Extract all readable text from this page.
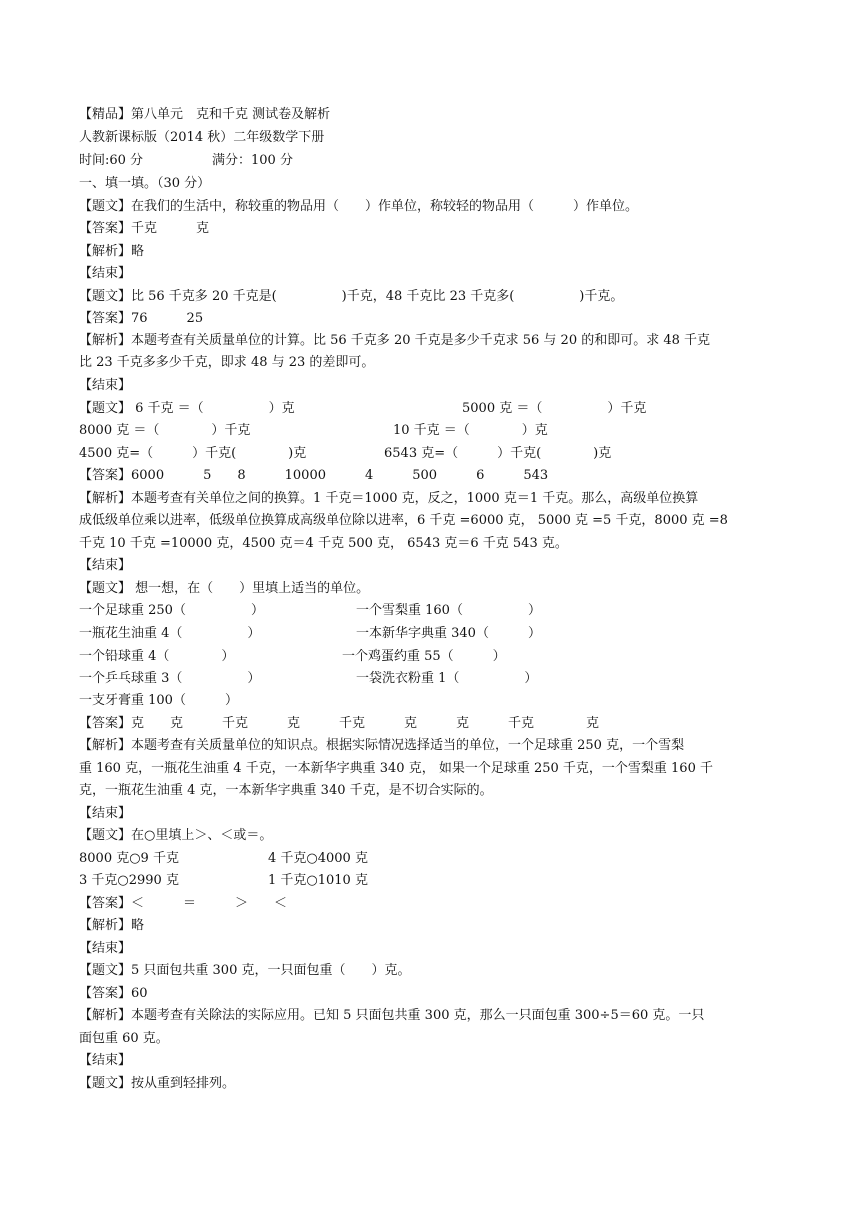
【精品】第八单元　克和千克 测试卷及解析
人教新课标版（2014 秋）二年级数学下册
时间:60 分	满分：100 分
一、填一填。（30 分）
【题文】在我们的生活中，称较重的物品用（　　）作单位，称较轻的物品用（　　　）作单位。
【答案】千克　　　克
【解析】略
【结束】
【题文】比 56 千克多 20 千克是(　　　　　)千克，48 千克比 23 千克多(　　　　　)千克。
【答案】76　　　25
【解析】本题考查有关质量单位的计算。比 56 千克多 20 千克是多少千克求 56 与 20 的和即可。求 48 千克
比 23 千克多多少千克，即求 48 与 23 的差即可。
【结束】
【题文】 6 千克 ＝（　　　　　）克	5000 克 ＝（　　　　　）千克
8000 克 ＝（　　　　）千克	10 千克 ＝（　　　　）克
4500 克=（　　　）千克(　　　　)克	6543 克=（　　　）千克(　　　　)克
【答案】6000　　　5　　8　　　10000　　　4　　　500　　　6　　　543
【解析】本题考查有关单位之间的换算。1 千克＝1000 克，反之，1000 克＝1 千克。那么，高级单位换算
成低级单位乘以进率，低级单位换算成高级单位除以进率，6 千克 =6000 克， 5000 克 =5 千克，8000 克 =8
千克 10 千克 =10000 克，4500 克＝4 千克 500 克， 6543 克＝6 千克 543 克。
【结束】
【题文】 想一想，在（　　）里填上适当的单位。
一个足球重 250（　　　　　）	一个雪梨重 160（　　　　　）
一瓶花生油重 4（　　　　　）	一本新华字典重 340（　　　）
一个铅球重 4（　　　　）	一个鸡蛋约重 55（　　　）
一个乒乓球重 3（　　　　　）	一袋洗衣粉重 1（　　　　　）
一支牙膏重 100（　　　）
【答案】克　　克　　　千克　　　克　　　千克　　　克　　　克　　　千克　　　　克
【解析】本题考查有关质量单位的知识点。根据实际情况选择适当的单位，一个足球重 250 克，一个雪梨
重 160 克，一瓶花生油重 4 千克，一本新华字典重 340 克， 如果一个足球重 250 千克，一个雪梨重 160 千
克，一瓶花生油重 4 克，一本新华字典重 340 千克，是不切合实际的。
【结束】
【题文】在○里填上＞、＜或＝。
8000 克○9 千克	4 千克○4000 克
3 千克○2990 克	1 千克○1010 克
【答案】＜　　　＝　　　＞　　＜
【解析】略
【结束】
【题文】5 只面包共重 300 克，一只面包重（　　）克。
【答案】60
【解析】本题考查有关除法的实际应用。已知 5 只面包共重 300 克，那么一只面包重 300÷5＝60 克。一只
面包重 60 克。
【结束】
【题文】按从重到轻排列。
